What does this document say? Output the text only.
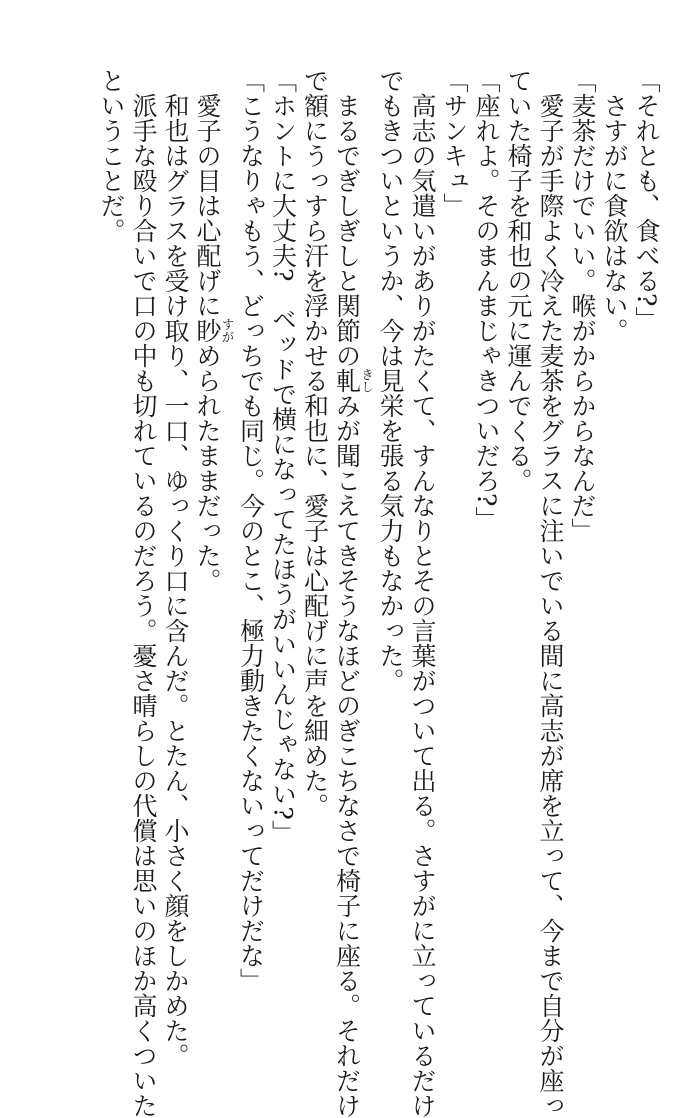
「それとも、食べる?」
　さすがに食欲はない。
「麦茶だけでいい。喉がからからなんだ」
　愛子が手際よく冷えた麦茶をグラスに注いでいる間に高志が席を立って、今まで自分が座っ
ていた椅子を和也の元に運んでくる。
「座れよ。そのまんまじゃきついだろ?」
「サンキュ」
　高志の気遣いがありがたくて、すんなりとその言葉がついて出る。さすがに立っているだけ
でもきついというか、今は見栄を張る気力もなかった。
　まるでぎしぎしと関節の軋きしみが聞こえてきそうなほどのぎこちなさで椅子に座る。それだけ
で額にうっすら汗を浮かせる和也に、愛子は心配げに声を細めた。
「ホントに大丈夫?　ベッドで横になってたほうがいいんじゃない?」
「こうなりゃもう、どっちでも同じ。今のとこ、極力動きたくないってだけだな」
　愛子の目は心配げに眇すがめられたままだった。
　和也はグラスを受け取り、一口、ゆっくり口に含んだ。とたん、小さく顔をしかめた。
　派手な殴り合いで口の中も切れているのだろう。憂さ晴らしの代償は思いのほか高くついた
ということだ。
